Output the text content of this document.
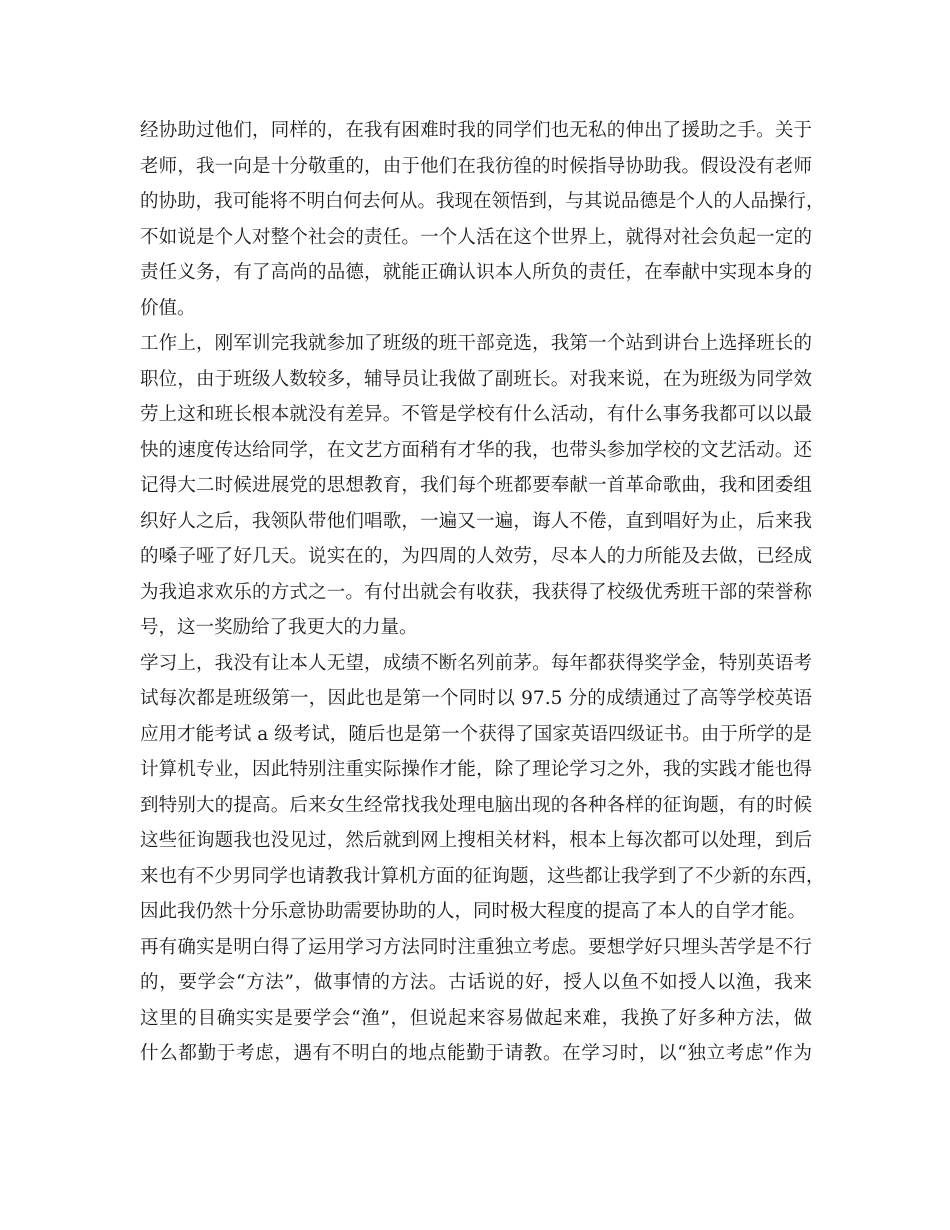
经协助过他们，同样的，在我有困难时我的同学们也无私的伸出了援助之手。关于
老师，我一向是十分敬重的，由于他们在我彷徨的时候指导协助我。假设没有老师
的协助，我可能将不明白何去何从。我现在领悟到，与其说品德是个人的人品操行，
不如说是个人对整个社会的责任。一个人活在这个世界上，就得对社会负起一定的
责任义务，有了高尚的品德，就能正确认识本人所负的责任，在奉献中实现本身的
价值。
工作上，刚军训完我就参加了班级的班干部竞选，我第一个站到讲台上选择班长的
职位，由于班级人数较多，辅导员让我做了副班长。对我来说，在为班级为同学效
劳上这和班长根本就没有差异。不管是学校有什么活动，有什么事务我都可以以最
快的速度传达给同学，在文艺方面稍有才华的我，也带头参加学校的文艺活动。还
记得大二时候进展党的思想教育，我们每个班都要奉献一首革命歌曲，我和团委组
织好人之后，我领队带他们唱歌，一遍又一遍，诲人不倦，直到唱好为止，后来我
的嗓子哑了好几天。说实在的，为四周的人效劳，尽本人的力所能及去做，已经成
为我追求欢乐的方式之一。有付出就会有收获，我获得了校级优秀班干部的荣誉称
号，这一奖励给了我更大的力量。
学习上，我没有让本人无望，成绩不断名列前茅。每年都获得奖学金，特别英语考
试每次都是班级第一，因此也是第一个同时以 97.5 分的成绩通过了高等学校英语
应用才能考试 a 级考试，随后也是第一个获得了国家英语四级证书。由于所学的是
计算机专业，因此特别注重实际操作才能，除了理论学习之外，我的实践才能也得
到特别大的提高。后来女生经常找我处理电脑出现的各种各样的征询题，有的时候
这些征询题我也没见过，然后就到网上搜相关材料，根本上每次都可以处理，到后
来也有不少男同学也请教我计算机方面的征询题，这些都让我学到了不少新的东西，
因此我仍然十分乐意协助需要协助的人，同时极大程度的提高了本人的自学才能。
再有确实是明白得了运用学习方法同时注重独立考虑。要想学好只埋头苦学是不行
的，要学会“方法”，做事情的方法。古话说的好，授人以鱼不如授人以渔，我来
这里的目确实实是要学会“渔”，但说起来容易做起来难，我换了好多种方法，做
什么都勤于考虑，遇有不明白的地点能勤于请教。在学习时，以“独立考虑”作为
